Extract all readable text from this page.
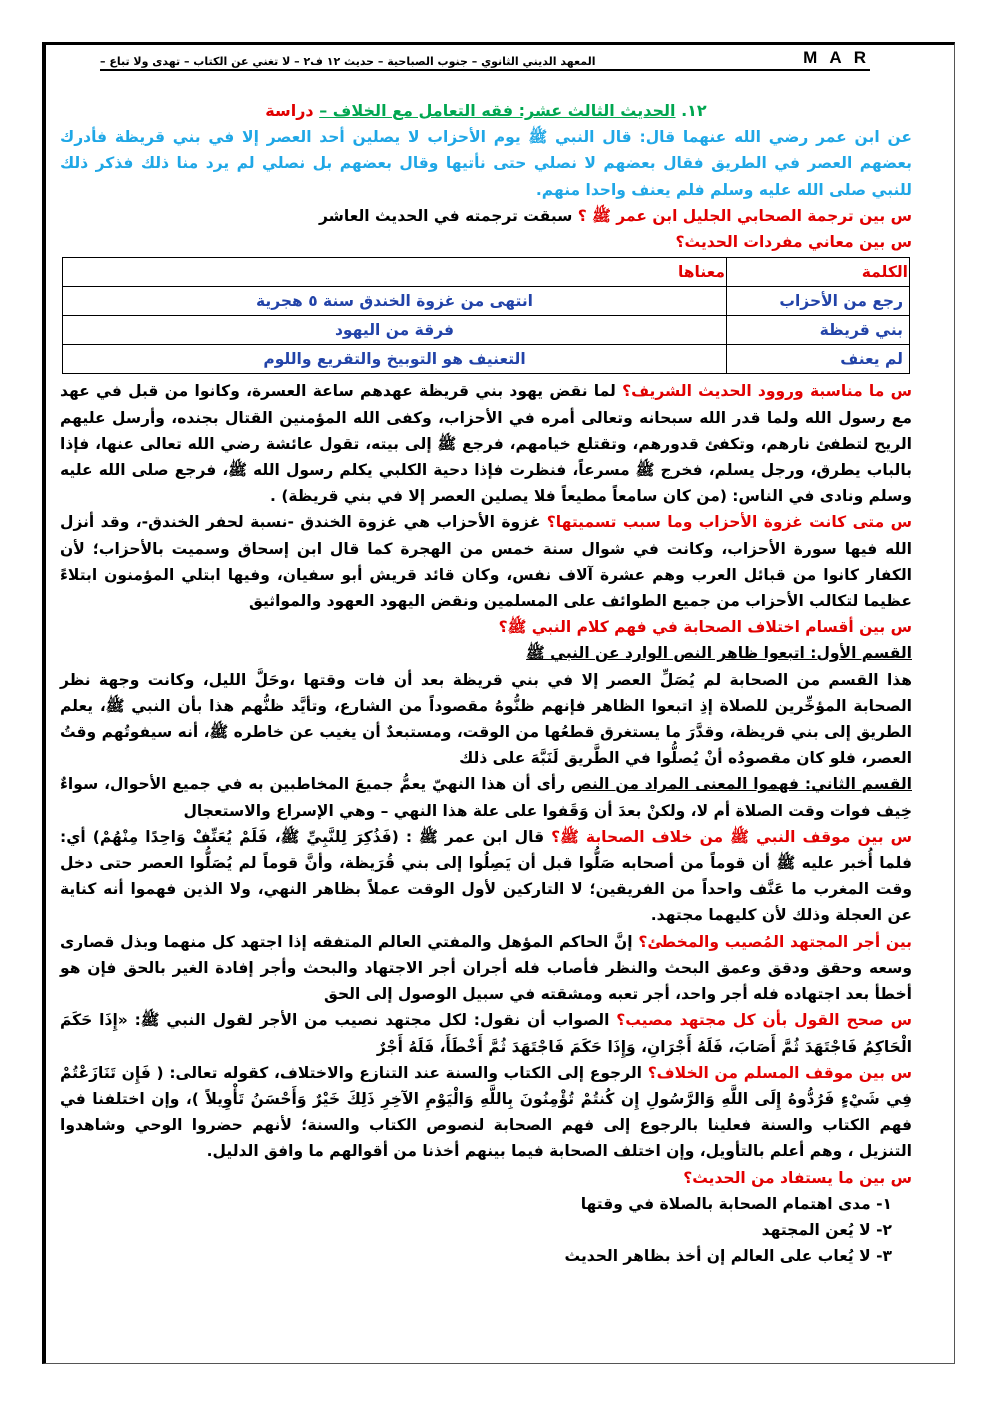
M A R
المعهد الديني الثانوي – جنوب الصباحية – حديث ١٢ ف٢ – لا تغني عن الكتاب – تهدى ولا تباع –
١٢. الحديث الثالث عشر: فقه التعامل مع الخلاف – دراسة
عن ابن عمر رضي الله عنهما قال: قال النبي ﷺ يوم الأحزاب لا يصلين أحد العصر إلا في بني قريظة فأدرك بعضهم العصر في الطريق فقال بعضهم لا نصلي حتى نأتيها وقال بعضهم بل نصلي لم يرد منا ذلك فذكر ذلك للنبي صلى الله عليه وسلم فلم يعنف واحدا منهم.
س بين ترجمة الصحابي الجليل ابن عمر ﷺ ؟ سبقت ترجمته في الحديث العاشر
س بين معاني مفردات الحديث؟
الكلمة	معناها
رجع من الأحزاب	انتهى من غزوة الخندق سنة ٥ هجرية
بني قريظة	فرقة من اليهود
لم يعنف	التعنيف هو التوبيخ والتقريع واللوم
س ما مناسبة وروود الحديث الشريف؟ لما نقض يهود بني قريظة عهدهم ساعة العسرة، وكانوا من قبل في عهد مع رسول الله ولما قدر الله سبحانه وتعالى أمره في الأحزاب، وكفى الله المؤمنين القتال بجنده، وأرسل عليهم الريح لتطفئ نارهم، وتكفئ قدورهم، وتقتلع خيامهم، فرجع ﷺ إلى بيته، تقول عائشة رضي الله تعالى عنها، فإذا بالباب يطرق، ورجل يسلم، فخرج ﷺ مسرعاً، فنظرت فإذا دحية الكلبي يكلم رسول الله ﷺ، فرجع صلى الله عليه وسلم ونادى في الناس: (من كان سامعاً مطيعاً فلا يصلين العصر إلا في بني قريظة) .
س متى كانت غزوة الأحزاب وما سبب تسميتها؟ غزوة الأحزاب هي غزوة الخندق -نسبة لحفر الخندق-، وقد أنزل الله فيها سورة الأحزاب، وكانت في شوال سنة خمس من الهجرة كما قال ابن إسحاق وسميت بالأحزاب؛ لأن الكفار كانوا من قبائل العرب وهم عشرة آلاف نفس، وكان قائد قريش أبو سفيان، وفيها ابتلي المؤمنون ابتلاءً عظيما لتكالب الأحزاب من جميع الطوائف على المسلمين ونقض اليهود العهود والمواثيق
س بين أقسام اختلاف الصحابة في فهم كلام النبي ﷺ؟
القسم الأول: اتبعوا ظاهر النص الوارد عن النبي ﷺ
هذا القسم من الصحابة لم يُصَلِّ العصر إلا في بني قريظة بعد أن فات وقتها ،وحَلَّ الليل، وكانت وجهة نظر الصحابة المؤخِّرين للصلاة إذِ اتبعوا الظاهر فإنهم ظنُّوهُ مقصوداً من الشارع، وتأيَّد ظنُّهم هذا بأن النبي ﷺ، يعلم الطريق إلى بني قريظة، وقدَّرَ ما يستغرق قطعُها من الوقت، ومستبعدٌ أن يغيب عن خاطره ﷺ، أنه سيفوتُهم وقتُ العصر، فلو كان مقصودُه أنْ يُصلُّوا في الطَّريق لَنَبَّهَ على ذلك
القسم الثاني: فهموا المعنى المراد من النص رأى أن هذا النهيّ يعمُّ جميعَ المخاطبين به في جميع الأحوال، سواءٌ خِيف فوات وقت الصلاة أم لا، ولكنْ بعدَ أن وَقَفوا على علة هذا النهي – وهي الإسراع والاستعجال
س بين موقف النبي ﷺ من خلاف الصحابة ﷺ؟ قال ابن عمر ﷺ : (فَذُكِرَ لِلنَّبِيِّ ﷺ، فَلَمْ يُعَنِّفْ وَاحِدًا مِنْهُمْ) أي: فلما أُخبر عليه ﷺ أن قوماً من أصحابه صَلُّوا قبل أن يَصِلُوا إلى بني قُرَيظة، وأنَّ قوماً لم يُصَلُّوا العصر حتى دخل وقت المغرب ما عَنَّف واحداً من الفريقين؛ لا التاركين لأول الوقت عملاً بظاهر النهي، ولا الذين فهموا أنه كناية عن العجلة وذلك لأن كليهما مجتهد.
بين أجر المجتهد المُصيب والمخطئ؟ إنَّ الحاكم المؤهل والمفتي العالم المتفقه إذا اجتهد كل منهما وبذل قصارى وسعه وحقق ودقق وعمق البحث والنظر فأصاب فله أجران أجر الاجتهاد والبحث وأجر إفادة الغير بالحق فإن هو أخطأ بعد اجتهاده فله أجر واحد، أجر تعبه ومشقته في سبيل الوصول إلى الحق
س صحح القول بأن كل مجتهد مصيب؟ الصواب أن نقول: لكل مجتهد نصيب من الأجر لقول النبي ﷺ: «إِذَا حَكَمَ الْحَاكِمُ فَاجْتَهَدَ ثُمَّ أَصَابَ، فَلَهُ أَجْرَانِ، وَإِذَا حَكَمَ فَاجْتَهَدَ ثُمَّ أَخْطَأَ، فَلَهُ أَجْرٌ
س بين موقف المسلم من الخلاف؟ الرجوع إلى الكتاب والسنة عند التنازع والاختلاف، كقوله تعالى: ( فَإِن تَنَازَعْتُمْ فِي شَيْءٍ فَرُدُّوهُ إِلَى اللَّهِ وَالرَّسُولِ إِن كُنتُمْ تُؤْمِنُونَ بِاللَّهِ وَالْيَوْمِ الآخِرِ ذَلِكَ خَيْرٌ وَأَحْسَنُ تَأْوِيلاً )، وإن اختلفنا في فهم الكتاب والسنة فعلينا بالرجوع إلى فهم الصحابة لنصوص الكتاب والسنة؛ لأنهم حضروا الوحي وشاهدوا التنزيل ، وهم أعلم بالتأويل، وإن اختلف الصحابة فيما بينهم أخذنا من أقوالهم ما وافق الدليل.
س بين ما يستفاد من الحديث؟
١- مدى اهتمام الصحابة بالصلاة في وقتها
٢- لا يُعن المجتهد
٣- لا يُعاب على العالم إن أخذ بظاهر الحديث
